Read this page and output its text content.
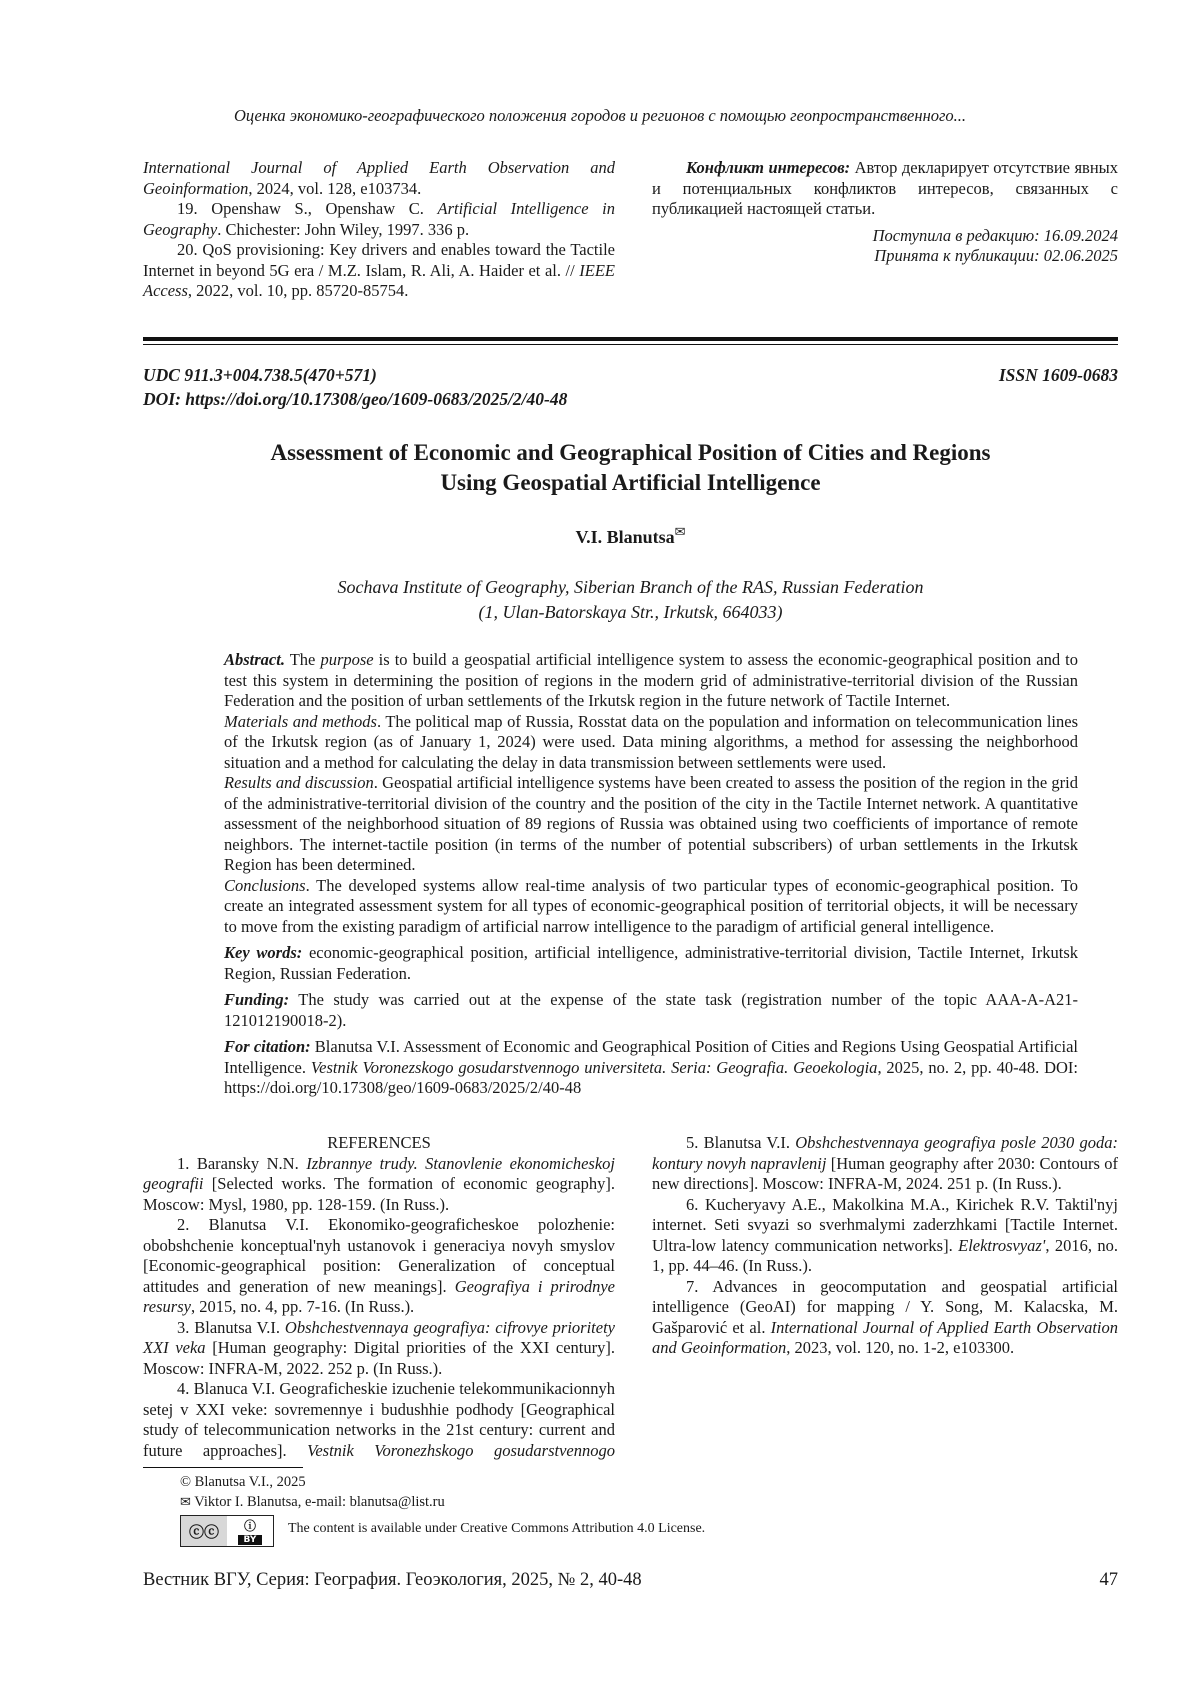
Оценка экономико-географического положения городов и регионов с помощью геопространственного...

International Journal of Applied Earth Observation and Geoinformation, 2024, vol. 128, e103734.

19. Openshaw S., Openshaw C. Artificial Intelligence in Geography. Chichester: John Wiley, 1997. 336 p.

20. QoS provisioning: Key drivers and enables toward the Tactile Internet in beyond 5G era / M.Z. Islam, R. Ali, A. Haider et al. // IEEE Access, 2022, vol. 10, pp. 85720-85754.

Конфликт интересов: Автор декларирует отсутствие явных и потенциальных конфликтов интересов, связанных с публикацией настоящей статьи.

Поступила в редакцию: 16.09.2024
Принята к публикации: 02.06.2025
UDC 911.3+004.738.5(470+571)
DOI: https://doi.org/10.17308/geo/1609-0683/2025/2/40-48
ISSN 1609-0683
Assessment of Economic and Geographical Position of Cities and Regions
Using Geospatial Artificial Intelligence
V.I. Blanutsa✉
Sochava Institute of Geography, Siberian Branch of the RAS, Russian Federation
(1, Ulan-Batorskaya Str., Irkutsk, 664033)

Abstract. The purpose is to build a geospatial artificial intelligence system to assess the economic-geographical position and to test this system in determining the position of regions in the modern grid of administrative-territorial division of the Russian Federation and the position of urban settlements of the Irkutsk region in the future network of Tactile Internet.

Materials and methods. The political map of Russia, Rosstat data on the population and information on telecommunication lines of the Irkutsk region (as of January 1, 2024) were used. Data mining algorithms, a method for assessing the neighborhood situation and a method for calculating the delay in data transmission between settlements were used.

Results and discussion. Geospatial artificial intelligence systems have been created to assess the position of the region in the grid of the administrative-territorial division of the country and the position of the city in the Tactile Internet network. A quantitative assessment of the neighborhood situation of 89 regions of Russia was obtained using two coefficients of importance of remote neighbors. The internet-tactile position (in terms of the number of potential subscribers) of urban settlements in the Irkutsk Region has been determined.

Conclusions. The developed systems allow real-time analysis of two particular types of economic-geographical position. To create an integrated assessment system for all types of economic-geographical position of territorial objects, it will be necessary to move from the existing paradigm of artificial narrow intelligence to the paradigm of artificial general intelligence.

Key words: economic-geographical position, artificial intelligence, administrative-territorial division, Tactile Internet, Irkutsk Region, Russian Federation.

Funding: The study was carried out at the expense of the state task (registration number of the topic AAA-A-A21-121012190018-2).

For citation: Blanutsa V.I. Assessment of Economic and Geographical Position of Cities and Regions Using Geospatial Artificial Intelligence. Vestnik Voronezskogo gosudarstvennogo universiteta. Seria: Geografia. Geoekologia, 2025, no. 2, pp. 40-48. DOI: https://doi.org/10.17308/geo/1609-0683/2025/2/40-48

REFERENCES

1. Baransky N.N. Izbrannye trudy. Stanovlenie ekonomicheskoj geografii [Selected works. The formation of economic geography]. Moscow: Mysl, 1980, pp. 128-159. (In Russ.).

2. Blanutsa V.I. Ekonomiko-geograficheskoe polozhenie: obobshchenie konceptual'nyh ustanovok i generaciya novyh smyslov [Economic-geographical position: Generalization of conceptual attitudes and generation of new meanings]. Geografiya i prirodnye resursy, 2015, no. 4, pp. 7-16. (In Russ.).

3. Blanutsa V.I. Obshchestvennaya geografiya: cifrovye prioritety XXI veka [Human geography: Digital priorities of the XXI century]. Moscow: INFRA-M, 2022. 252 p. (In Russ.).

4. Blanuca V.I. Geograficheskie izuchenie telekommunikacionnyh setej v XXI veke: sovremennye i budushhie podhody [Geographical study of telecommunication networks in the 21st century: current and future approaches]. Vestnik Voronezhskogo gosudarstvennogo

5. Blanutsa V.I. Obshchestvennaya geografiya posle 2030 goda: kontury novyh napravlenij [Human geography after 2030: Contours of new directions]. Moscow: INFRA-M, 2024. 251 p. (In Russ.).

6. Kucheryavy A.E., Makolkina M.A., Kirichek R.V. Taktil'nyj internet. Seti svyazi so sverhmalymi zaderzhkami [Tactile Internet. Ultra-low latency communication networks]. Elektrosvyaz', 2016, no. 1, pp. 44–46. (In Russ.).

7. Advances in geocomputation and geospatial artificial intelligence (GeoAI) for mapping / Y. Song, M. Kalacska, M. Gašparović et al. International Journal of Applied Earth Observation and Geoinformation, 2023, vol. 120, no. 1-2, e103300.

© Blanutsa V.I., 2025
✉ Viktor I. Blanutsa, e-mail: blanutsa@list.ru
ⓒⓒ	ⓘ
BY
The content is available under Creative Commons Attribution 4.0 License.
Вестник ВГУ, Серия: География. Геоэкология, 2025, № 2, 40-48	47
